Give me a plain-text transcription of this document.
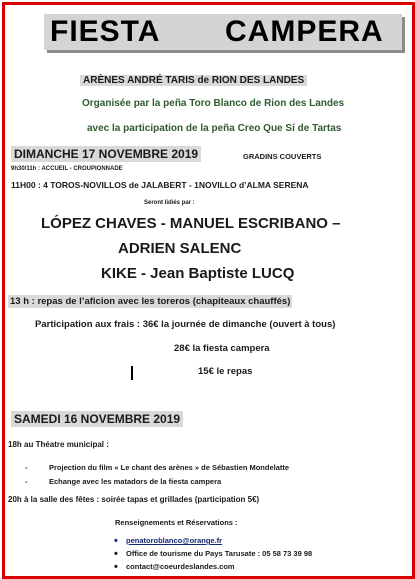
FIESTA CAMPERA
ARÈNES ANDRÉ TARIS de RION DES LANDES
Organisée par la peña Toro Blanco de Rion des Landes
avec la participation de la peña Creo Que Sí de Tartas
DIMANCHE 17 NOVEMBRE 2019	GRADINS COUVERTS
9h30/11h : ACCUEIL - CROUPIONNADE
11H00 : 4 TOROS-NOVILLOS de JALABERT - 1NOVILLO d’ALMA SERENA
Seront lidiés par :
LÓPEZ CHAVES - MANUEL ESCRIBANO –
ADRIEN SALENC
KIKE - Jean Baptiste LUCQ
13 h : repas de l’aficion avec les toreros (chapiteaux chauffés)
Participation aux frais : 36€ la journée de dimanche (ouvert à tous)
28€ la fiesta campera
15€ le repas
SAMEDI 16 NOVEMBRE 2019
18h au Théatre municipal :
- Projection du film « Le chant des arènes » de Sébastien Mondelatte
- Echange avec les matadors de la fiesta campera
20h à la salle des fêtes : soirée tapas et grillades (participation 5€)
Renseignements et Réservations :
• penatoroblanco@orange.fr
• Office de tourisme du Pays Tarusate : 05 58 73 39 98
• contact@coeurdeslandes.com
